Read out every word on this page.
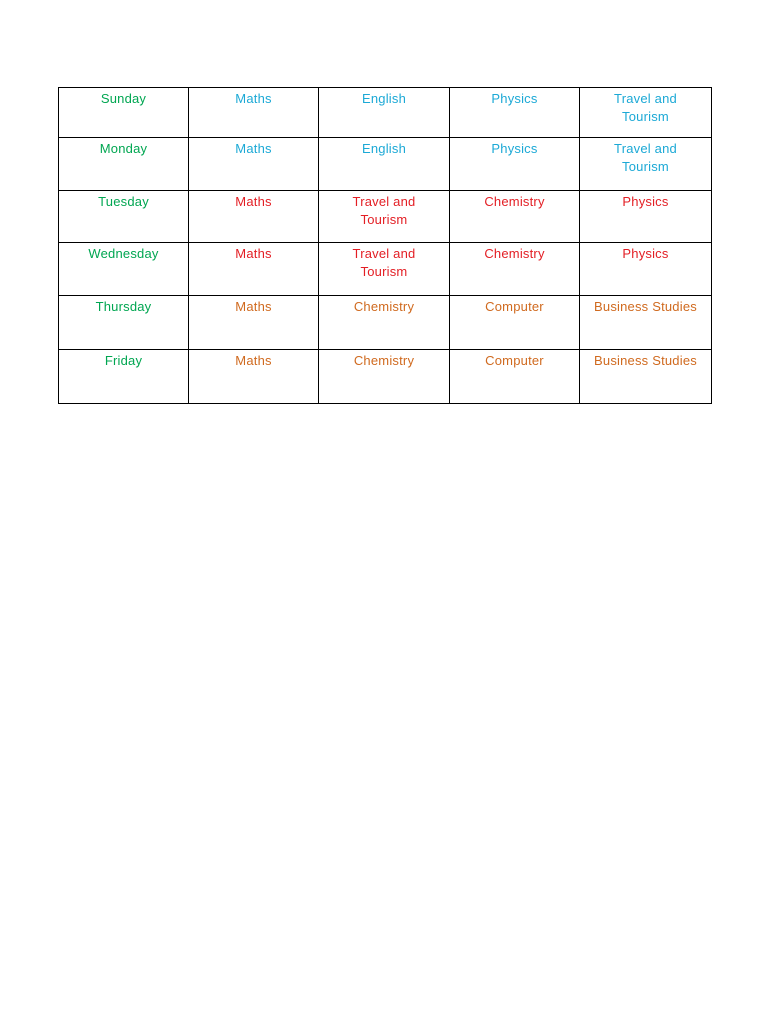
Sunday	Maths	English	Physics	Travel and Tourism
Monday	Maths	English	Physics	Travel and Tourism
Tuesday	Maths	Travel and Tourism	Chemistry	Physics
Wednesday	Maths	Travel and Tourism	Chemistry	Physics
Thursday	Maths	Chemistry	Computer	Business Studies
Friday	Maths	Chemistry	Computer	Business Studies
